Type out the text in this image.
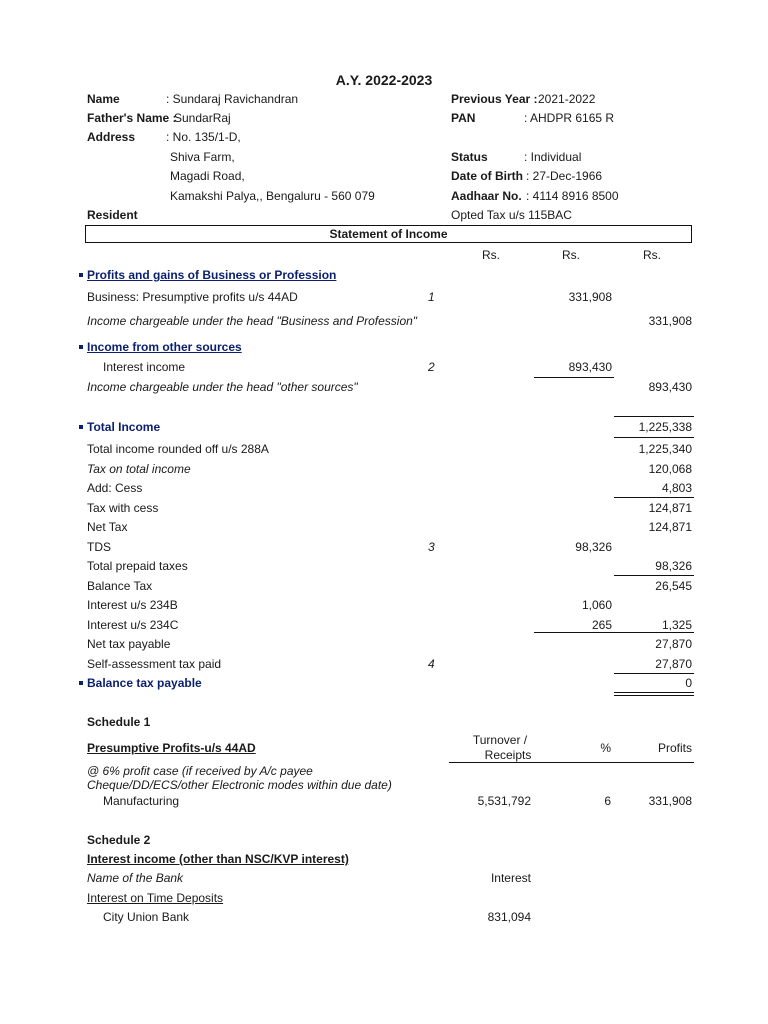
A.Y. 2022-2023
Name	: Sundaraj Ravichandran
Father's Name :
SundarRaj
Address	: No. 135/1-D,
Shiva Farm,
Magadi Road,
Kamakshi Palya,, Bengaluru - 560 079
Resident
Previous Year : 2021-2022
PAN	: AHDPR 6165 R
Status	: Individual
Date of Birth : 27-Dec-1966
Aadhaar No. : 4114 8916 8500
Opted Tax u/s 115BAC
Statement of Income
Rs.	Rs.	Rs.
Profits and gains of Business or Profession
Business: Presumptive profits u/s 44AD	1	331,908
Income chargeable under the head "Business and Profession"	331,908
Income from other sources
Interest income	2	893,430
Income chargeable under the head "other sources"	893,430
Total Income	1,225,338
Total income rounded off u/s 288A	1,225,340
Tax on total income	120,068
Add: Cess	4,803
Tax with cess	124,871
Net Tax	124,871
TDS	3	98,326
Total prepaid taxes	98,326
Balance Tax	26,545
Interest u/s 234B	1,060
Interest u/s 234C	265	1,325
Net tax payable	27,870
Self-assessment tax paid	4	27,870
Balance tax payable	0
Schedule 1
Presumptive Profits-u/s 44AD
Turnover /
Receipts	%	Profits
@ 6% profit case (if received by A/c payee
Cheque/DD/ECS/other Electronic modes within due date)
Manufacturing	5,531,792	6	331,908
Schedule 2
Interest income (other than NSC/KVP interest)
Name of the Bank	Interest
Interest on Time Deposits
City Union Bank	831,094
